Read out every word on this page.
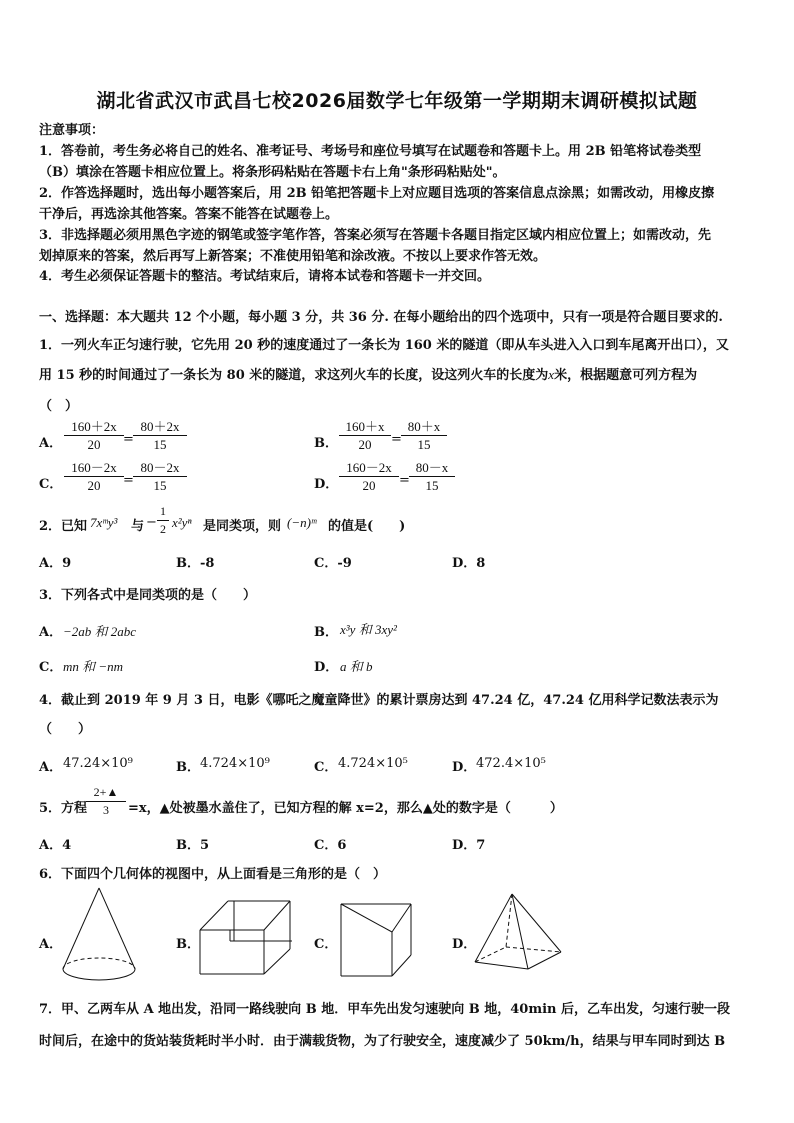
湖北省武汉市武昌七校2026届数学七年级第一学期期末调研模拟试题
注意事项：
1．答卷前，考生务必将自己的姓名、准考证号、考场号和座位号填写在试题卷和答题卡上。用 2B 铅笔将试卷类型
（B）填涂在答题卡相应位置上。将条形码粘贴在答题卡右上角"条形码粘贴处"。
2．作答选择题时，选出每小题答案后，用 2B 铅笔把答题卡上对应题目选项的答案信息点涂黑；如需改动，用橡皮擦
干净后，再选涂其他答案。答案不能答在试题卷上。
3．非选择题必须用黑色字迹的钢笔或签字笔作答，答案必须写在答题卡各题目指定区域内相应位置上；如需改动，先
划掉原来的答案，然后再写上新答案；不准使用铅笔和涂改液。不按以上要求作答无效。
4．考生必须保证答题卡的整洁。考试结束后，请将本试卷和答题卡一并交回。
一、选择题：本大题共 12 个小题，每小题 3 分，共 36 分. 在每小题给出的四个选项中，只有一项是符合题目要求的.
1．一列火车正匀速行驶，它先用 20 秒的速度通过了一条长为 160 米的隧道（即从车头进入入口到车尾离开出口），又
用 15 秒的时间通过了一条长为 80 米的隧道，求这列火车的长度，设这列火车的长度为x米，根据题意可列方程为
（　）
A． $\frac{160+2x}{20} = \frac{80+2x}{15}$	B． $\frac{160+x}{20} = \frac{80+x}{15}$
C． $\frac{160-2x}{20} = \frac{80-2x}{15}$	D． $\frac{160-2x}{20} = \frac{80-x}{15}$
2．已知 7xᵐy³ 与 − $\frac{1}{2} x^2y^n$ 是同类项，则 (−n)ᵐ 的值是(　　)
A．9	B．-8	C．-9	D．8
3．下列各式中是同类项的是（　　）
A． −2ab 和 2abc	B． x³y 和 3xy²
C． mn 和 −nm	D． a 和 b
4．截止到 2019 年 9 月 3 日，电影《哪吒之魔童降世》的累计票房达到 47.24 亿，47.24 亿用科学记数法表示为
（　　）
A． 47.24×10⁹	B． 4.724×10⁹	C． 4.724×10⁵	D． 472.4×10⁵
5．方程
$\frac{2+▲}{3} =x$，▲处被墨水盖住了，已知方程的解 x=2，那么▲处的数字是（　　　）
A．4	B．5	C．6	D．7
6．下面四个几何体的视图中，从上面看是三角形的是（　）
A．	B．	C．	D．
7．甲、乙两车从 A 地出发，沿同一路线驶向 B 地．甲车先出发匀速驶向 B 地，40min 后，乙车出发，匀速行驶一段
时间后，在途中的货站装货耗时半小时．由于满载货物，为了行驶安全，速度减少了 50km/h，结果与甲车同时到达 B
